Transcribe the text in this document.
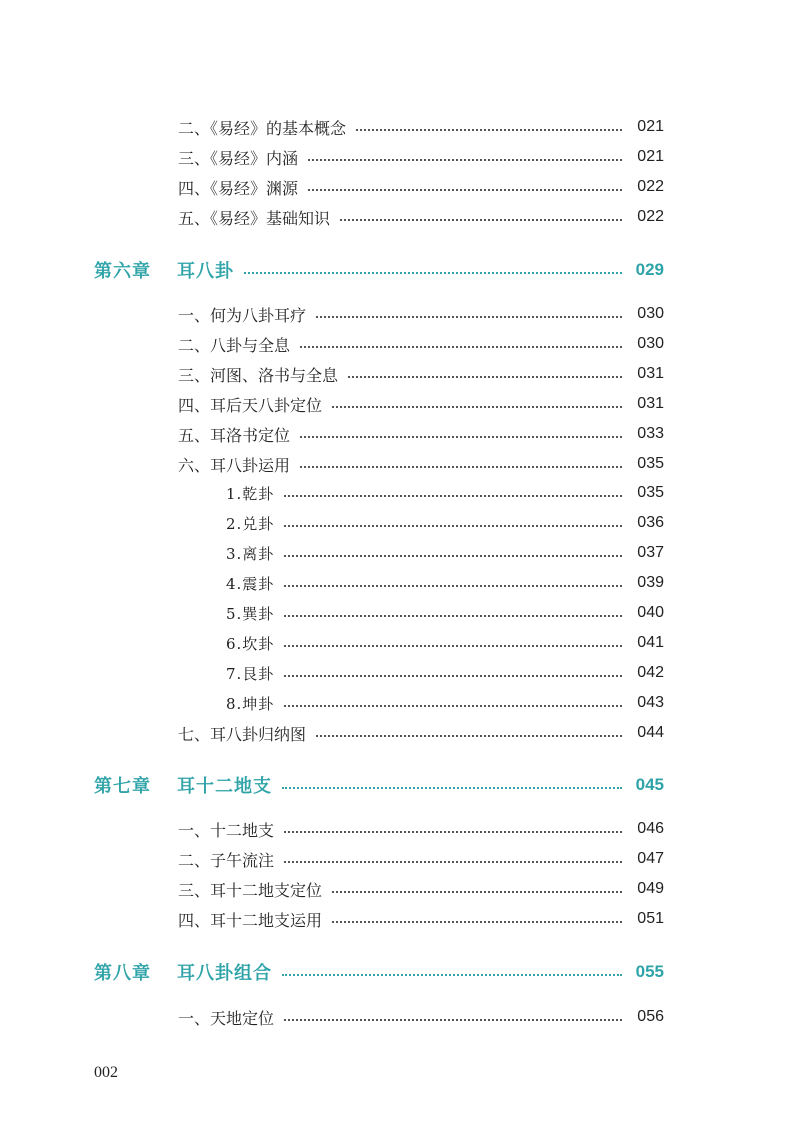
二、《易经》的基本概念	021
三、《易经》内涵	021
四、《易经》渊源	022
五、《易经》基础知识	022
第六章 耳八卦	029
一、何为八卦耳疗	030
二、八卦与全息	030
三、河图、洛书与全息	031
四、耳后天八卦定位	031
五、耳洛书定位	033
六、耳八卦运用	035
1.乾卦	035
2.兑卦	036
3.离卦	037
4.震卦	039
5.巽卦	040
6.坎卦	041
7.艮卦	042
8.坤卦	043
七、耳八卦归纳图	044
第七章 耳十二地支	045
一、十二地支	046
二、子午流注	047
三、耳十二地支定位	049
四、耳十二地支运用	051
第八章 耳八卦组合	055
一、天地定位	056
002
